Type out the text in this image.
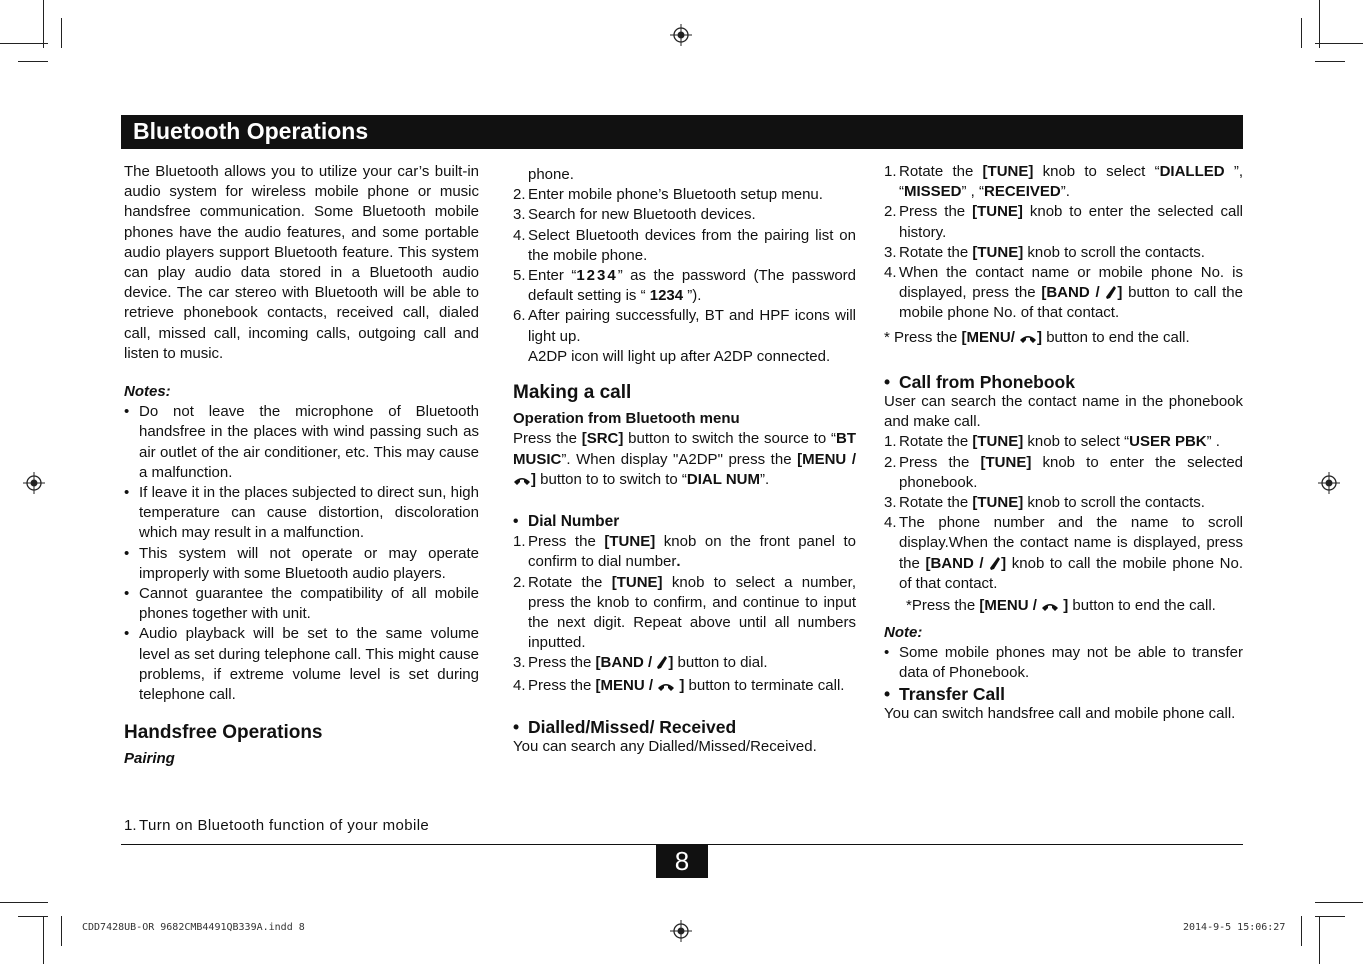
Bluetooth Operations

The Bluetooth allows you to utilize your car’s built-in audio system for wireless mobile phone or music handsfree communication. Some Bluetooth mobile phones have the audio features, and some portable audio players support Bluetooth feature. This system can play audio data stored in a Bluetooth audio device. The car stereo with Bluetooth will be able to retrieve phonebook contacts, received call, dialed call, missed call, incoming calls, outgoing call and listen to music.

Notes:
• Do not leave the microphone of Bluetooth handsfree in the places with wind passing such as air outlet of the air conditioner, etc. This may cause a malfunction.
• If leave it in the places subjected to direct sun, high temperature can cause distortion, discoloration which may result in a malfunction.
• This system will not operate or may operate improperly with some Bluetooth audio players.
• Cannot guarantee the compatibility of all mobile phones together with unit.
• Audio playback will be set to the same volume level as set during telephone call. This might cause problems, if extreme volume level is set during telephone call.
Handsfree Operations
Pairing
1. Turn on Bluetooth function of your mobile
phone.
2. Enter mobile phone’s Bluetooth setup menu.
3. Search for new Bluetooth devices.
4. Select Bluetooth devices from the pairing list on the mobile phone.
5. Enter “1234” as the password (The password default setting is “ 1234 ”).
6. After pairing successfully, BT and HPF icons will light up.
A2DP icon will light up after A2DP connected.
Making a call
Operation from Bluetooth menu

Press the [SRC] button to switch the source to “BT MUSIC”. When display "A2DP" press the [MENU /
] button to to switch to “DIAL NUM”.

• Dial Number
1. Press the [TUNE] knob on the front panel to confirm to dial number.
2. Rotate the [TUNE] knob to select a number, press the knob to confirm, and continue to input the next digit. Repeat above until all numbers inputted.
3. Press the [BAND /
] button to dial.
4. Press the [MENU /
] button to terminate call.
• Dialled/Missed/ Received
You can search any Dialled/Missed/Received.
1. Rotate the [TUNE] knob to select “DIALLED ”, “MISSED” , “RECEIVED”.
2. Press the [TUNE] knob to enter the selected call history.
3. Rotate the [TUNE] knob to scroll the contacts.
4. When the contact name or mobile phone No. is displayed, press the [BAND /
] button to call the mobile phone No. of that contact.
* Press the [MENU/
] button to end the call.
• Call from Phonebook

User can search the contact name in the phonebook and make call.

1. Rotate the [TUNE] knob to select “USER PBK” .
2. Press the [TUNE] knob to enter the selected phonebook.
3. Rotate the [TUNE] knob to scroll the contacts.
4. The phone number and the name to scroll display.When the contact name is displayed, press the [BAND /
] knob to call the mobile phone No. of that contact.
*Press the [MENU /
] button to end the call.
Note:
• Some mobile phones may not be able to transfer data of Phonebook.
• Transfer Call

You can switch handsfree call and mobile phone call.

8
CDD7428UB-OR 9682CMB4491QB339A.indd 8	2014-9-5 15:06:27
